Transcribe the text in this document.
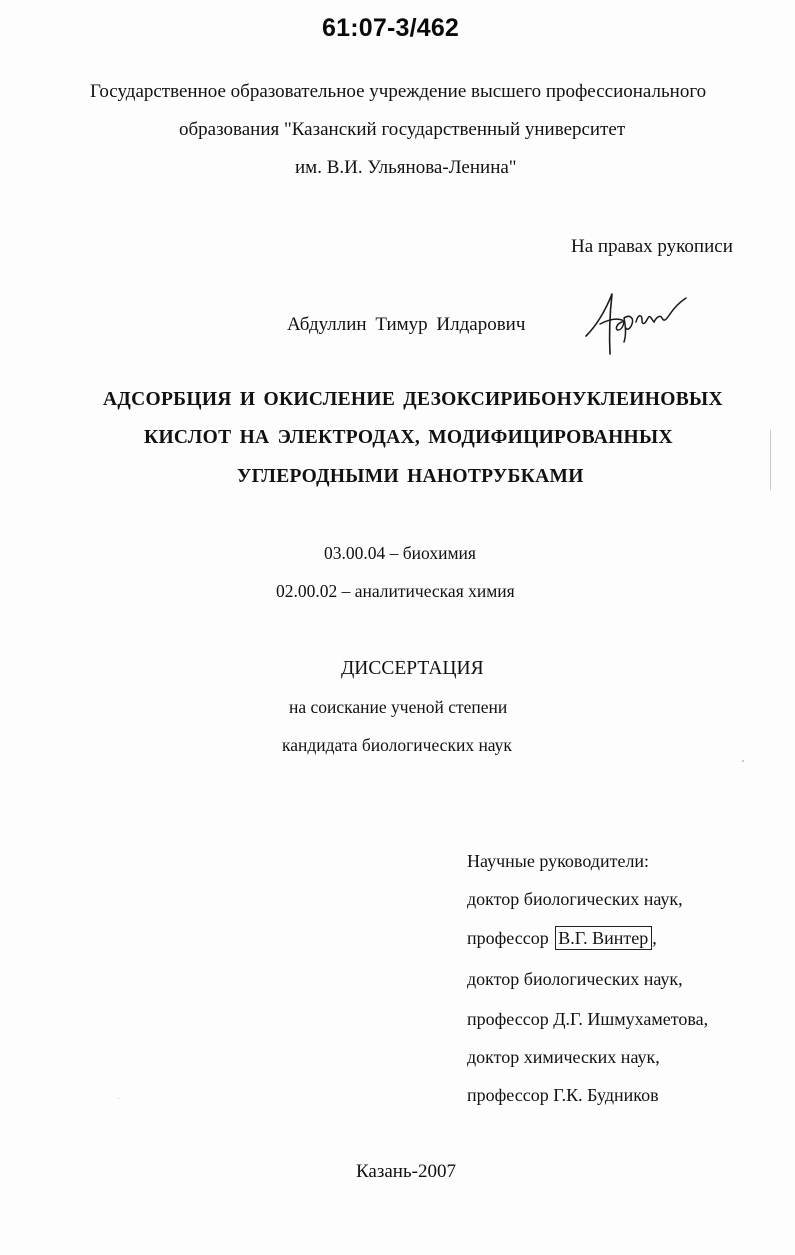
61:07-3/462
Государственное образовательное учреждение высшего профессионального
образования "Казанский государственный университет
им. В.И. Ульянова-Ленина"
На правах рукописи
Абдуллин Тимур Илдарович
АДСОРБЦИЯ И ОКИСЛЕНИЕ ДЕЗОКСИРИБОНУКЛЕИНОВЫХ
КИСЛОТ НА ЭЛЕКТРОДАХ, МОДИФИЦИРОВАННЫХ
УГЛЕРОДНЫМИ НАНОТРУБКАМИ
03.00.04 – биохимия
02.00.02 – аналитическая химия
ДИССЕРТАЦИЯ
на соискание ученой степени
кандидата биологических наук
Научные руководители:
доктор биологических наук,
профессор В.Г. Винтер ,
доктор биологических наук,
профессор Д.Г. Ишмухаметова,
доктор химических наук,
профессор Г.К. Будников
Казань-2007
